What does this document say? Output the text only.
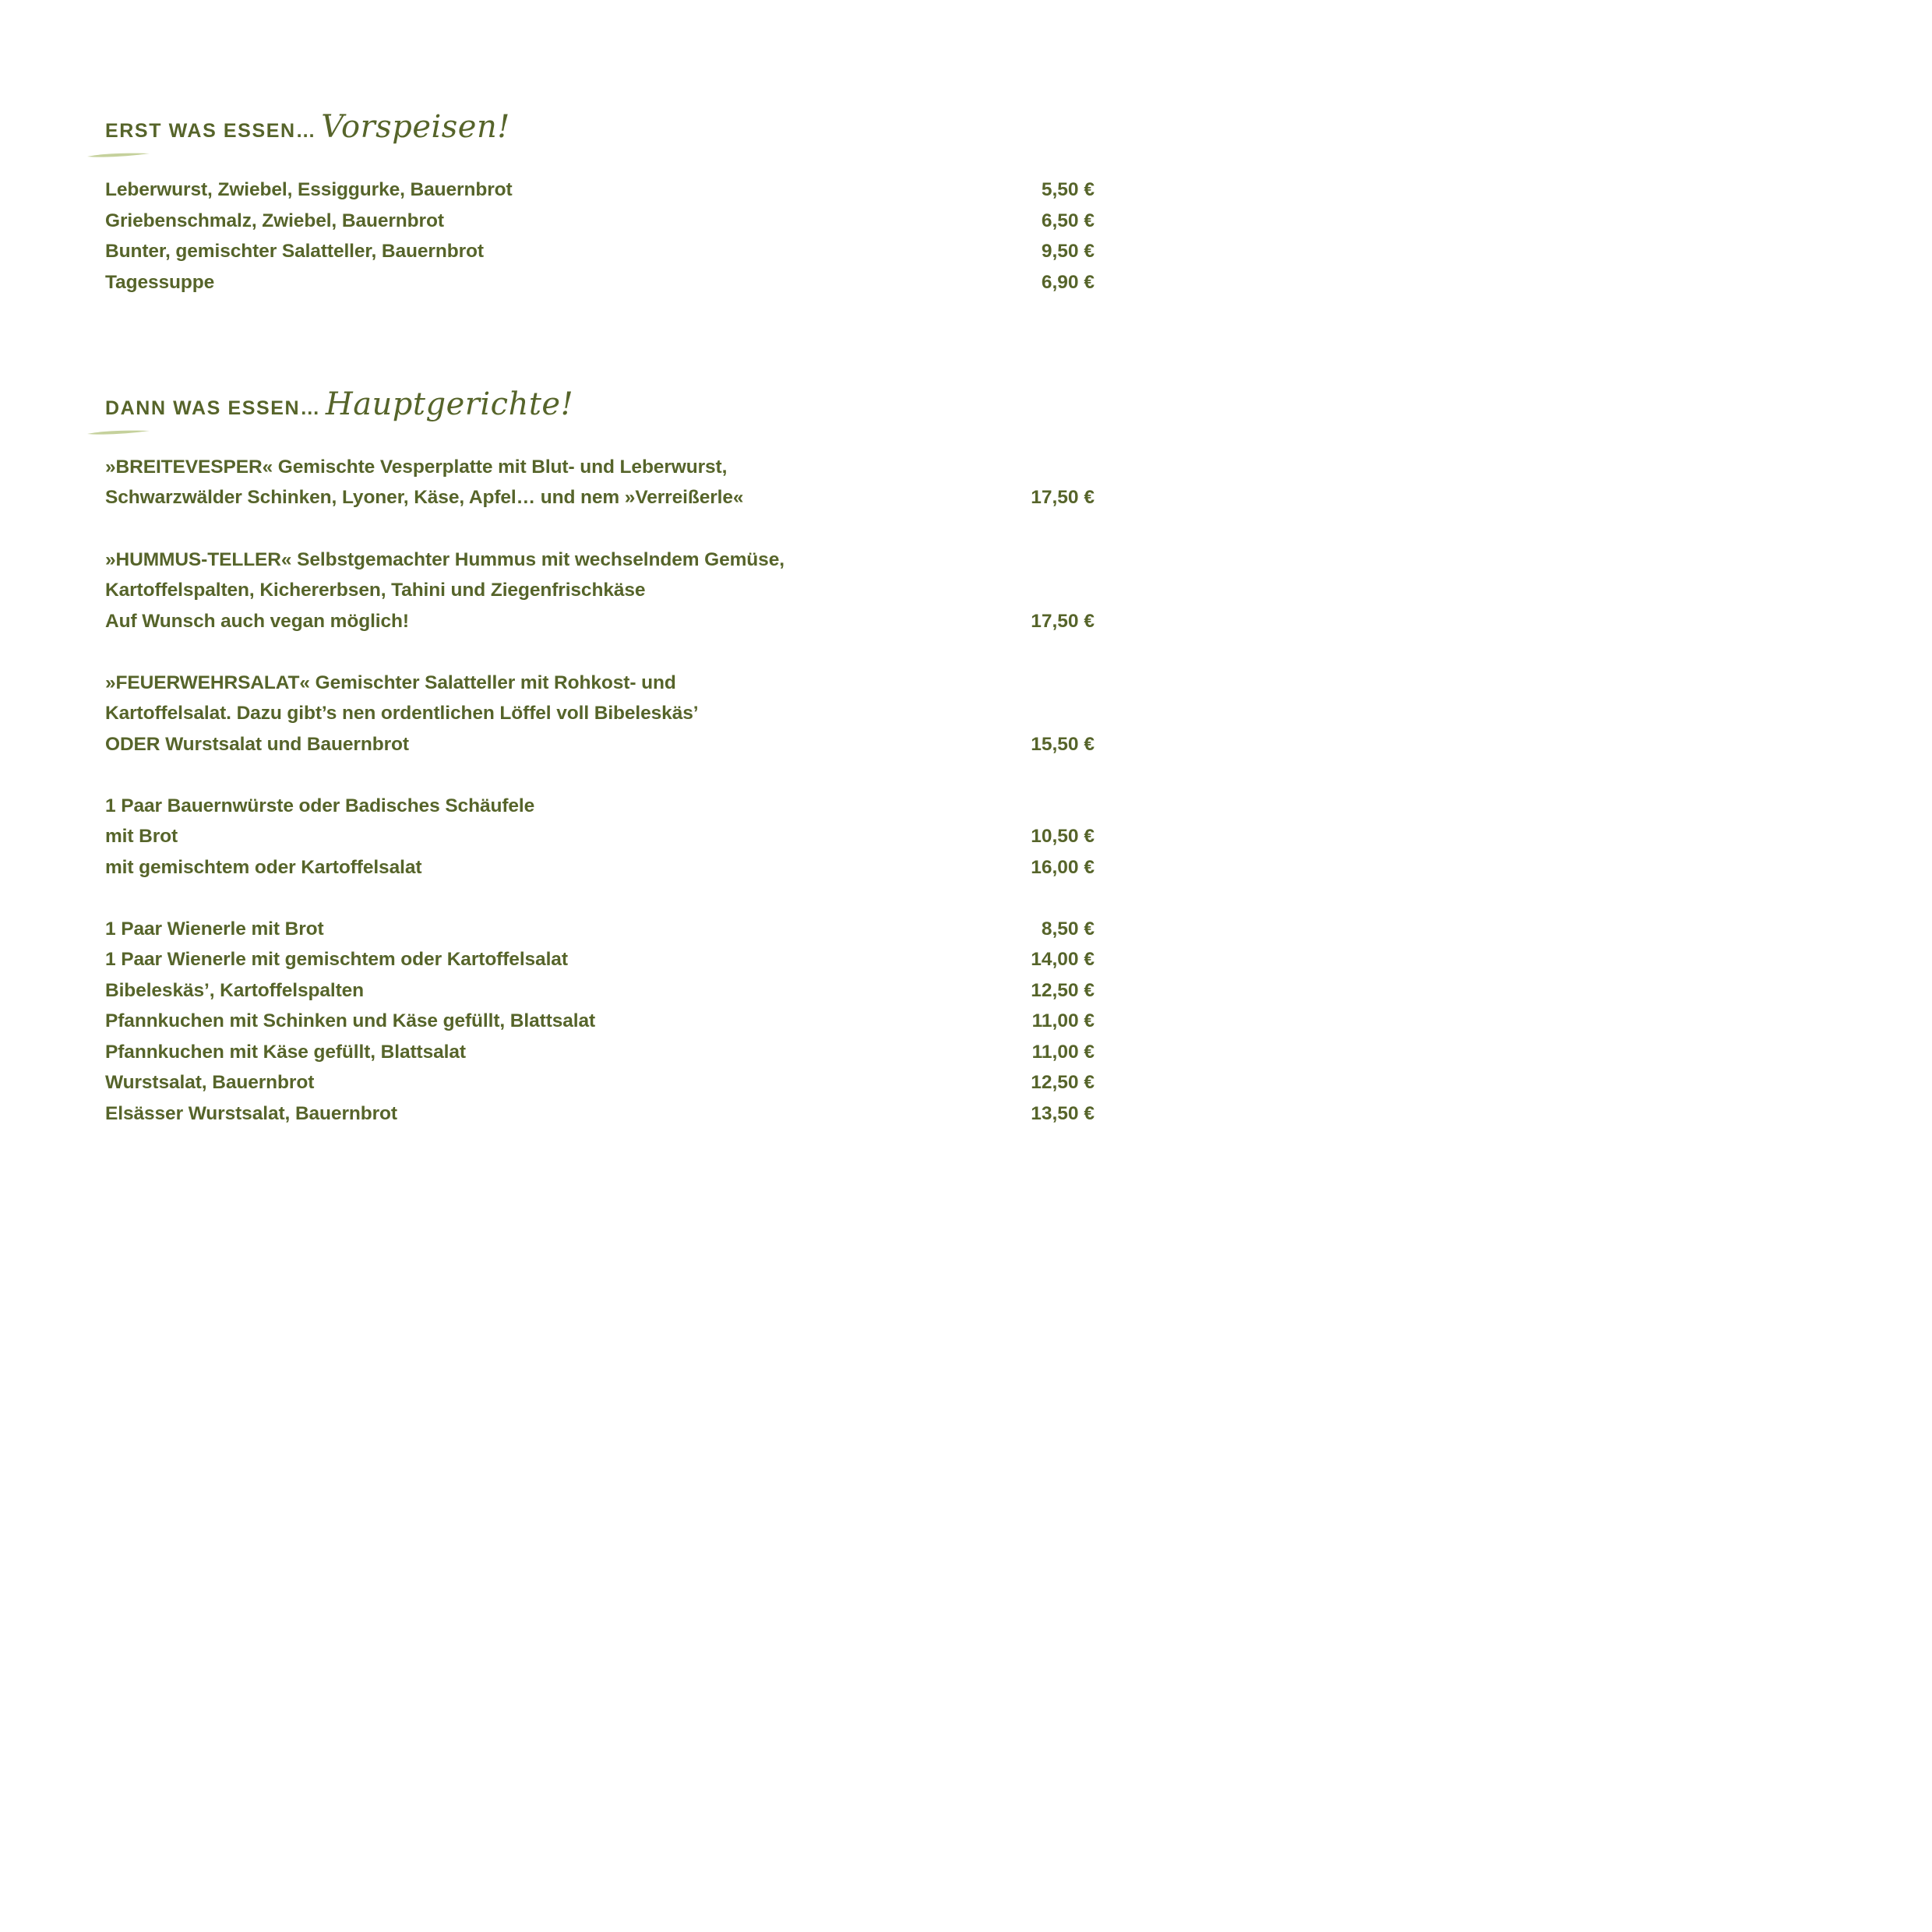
ERST WAS ESSEN… Vorspeisen!
Leberwurst, Zwiebel, Essiggurke, Bauernbrot	5,50 €
Griebenschmalz, Zwiebel, Bauernbrot	6,50 €
Bunter, gemischter Salatteller, Bauernbrot	9,50 €
Tagessuppe	6,90 €
DANN WAS ESSEN… Hauptgerichte!
»BREITEVESPER« Gemischte Vesperplatte mit Blut- und Leberwurst,
Schwarzwälder Schinken, Lyoner, Käse, Apfel… und nem »Verreißerle«	17,50 €
»HUMMUS-TELLER« Selbstgemachter Hummus mit wechselndem Gemüse,
Kartoffelspalten, Kichererbsen, Tahini und Ziegenfrischkäse
Auf Wunsch auch vegan möglich!	17,50 €
»FEUERWEHRSALAT« Gemischter Salatteller mit Rohkost- und
Kartoffelsalat. Dazu gibt’s nen ordentlichen Löffel voll Bibeleskäs’
ODER Wurstsalat und Bauernbrot	15,50 €
1 Paar Bauernwürste oder Badisches Schäufele
mit Brot	10,50 €
mit gemischtem oder Kartoffelsalat	16,00 €
1 Paar Wienerle mit Brot	8,50 €
1 Paar Wienerle mit gemischtem oder Kartoffelsalat	14,00 €
Bibeleskäs’, Kartoffelspalten	12,50 €
Pfannkuchen mit Schinken und Käse gefüllt, Blattsalat	11,00 €
Pfannkuchen mit Käse gefüllt, Blattsalat	11,00 €
Wurstsalat, Bauernbrot	12,50 €
Elsässer Wurstsalat, Bauernbrot	13,50 €
